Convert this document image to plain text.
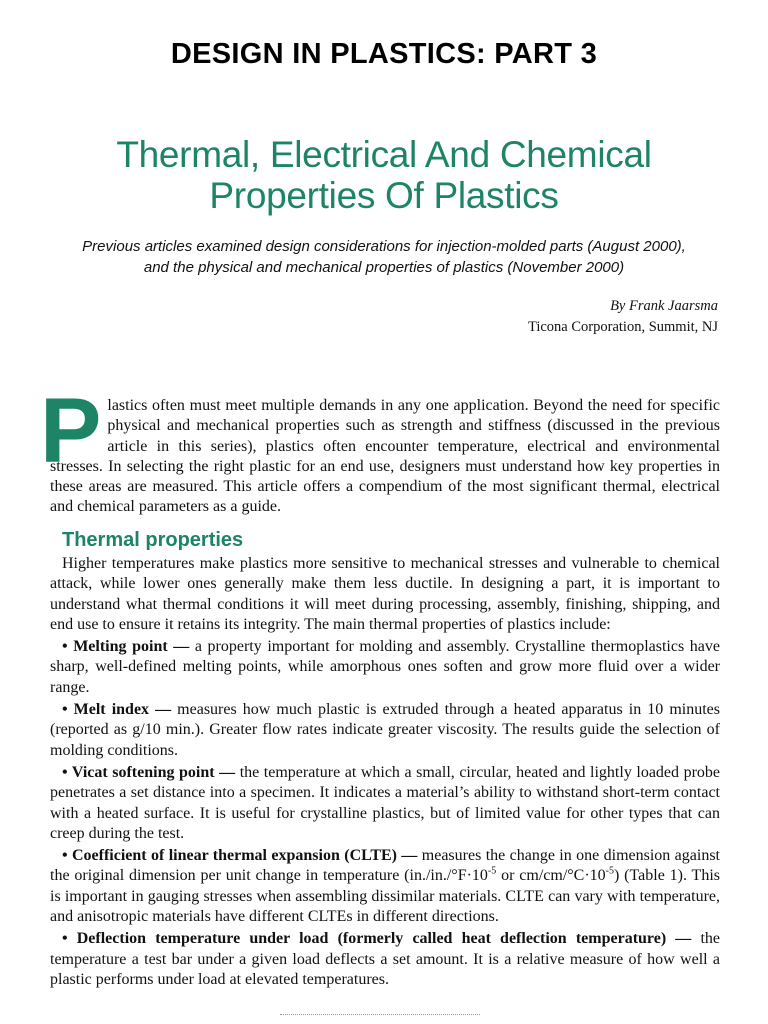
DESIGN IN PLASTICS: PART 3
Thermal, Electrical And Chemical
Properties Of Plastics
Previous articles examined design considerations for injection-molded parts (August 2000),
and the physical and mechanical properties of plastics (November 2000)
By Frank Jaarsma
Ticona Corporation, Summit, NJ
P lastics often must meet multiple demands in any one application. Beyond the need for specific physical and mechanical properties such as strength and stiffness (discussed in the previous article in this series), plastics often encounter temperature, electrical and environmental stresses. In selecting the right plastic for an end use, designers must understand how key properties in these areas are measured. This article offers a compendium of the most significant thermal, electrical and chemical parameters as a guide.
Thermal properties

Higher temperatures make plastics more sensitive to mechanical stresses and vulnerable to chemical attack, while lower ones generally make them less ductile. In designing a part, it is important to understand what thermal conditions it will meet during processing, assembly, finishing, shipping, and end use to ensure it retains its integrity. The main thermal properties of plastics include:

• Melting point — a property important for molding and assembly. Crystalline thermoplastics have sharp, well-defined melting points, while amorphous ones soften and grow more fluid over a wider range.

• Melt index — measures how much plastic is extruded through a heated apparatus in 10 minutes (reported as g/10 min.). Greater flow rates indicate greater viscosity. The results guide the selection of molding conditions.

• Vicat softening point — the temperature at which a small, circular, heated and lightly loaded probe penetrates a set distance into a specimen. It indicates a material’s ability to withstand short-term contact with a heated surface. It is useful for crystalline plastics, but of limited value for other types that can creep during the test.

• Coefficient of linear thermal expansion (CLTE) — measures the change in one dimension against the original dimension per unit change in temperature ($in./in./^\circ F\cdot 10^{-5}$ or $cm/cm/^\circ C\cdot 10^{-5}$) (Table 1). This is important in gauging stresses when assembling dissimilar materials. CLTE can vary with temperature, and anisotropic materials have different CLTEs in different directions.

• Deflection temperature under load (formerly called heat deflection temperature) — the temperature a test bar under a given load deflects a set amount. It is a relative measure of how well a plastic performs under load at elevated temperatures.
